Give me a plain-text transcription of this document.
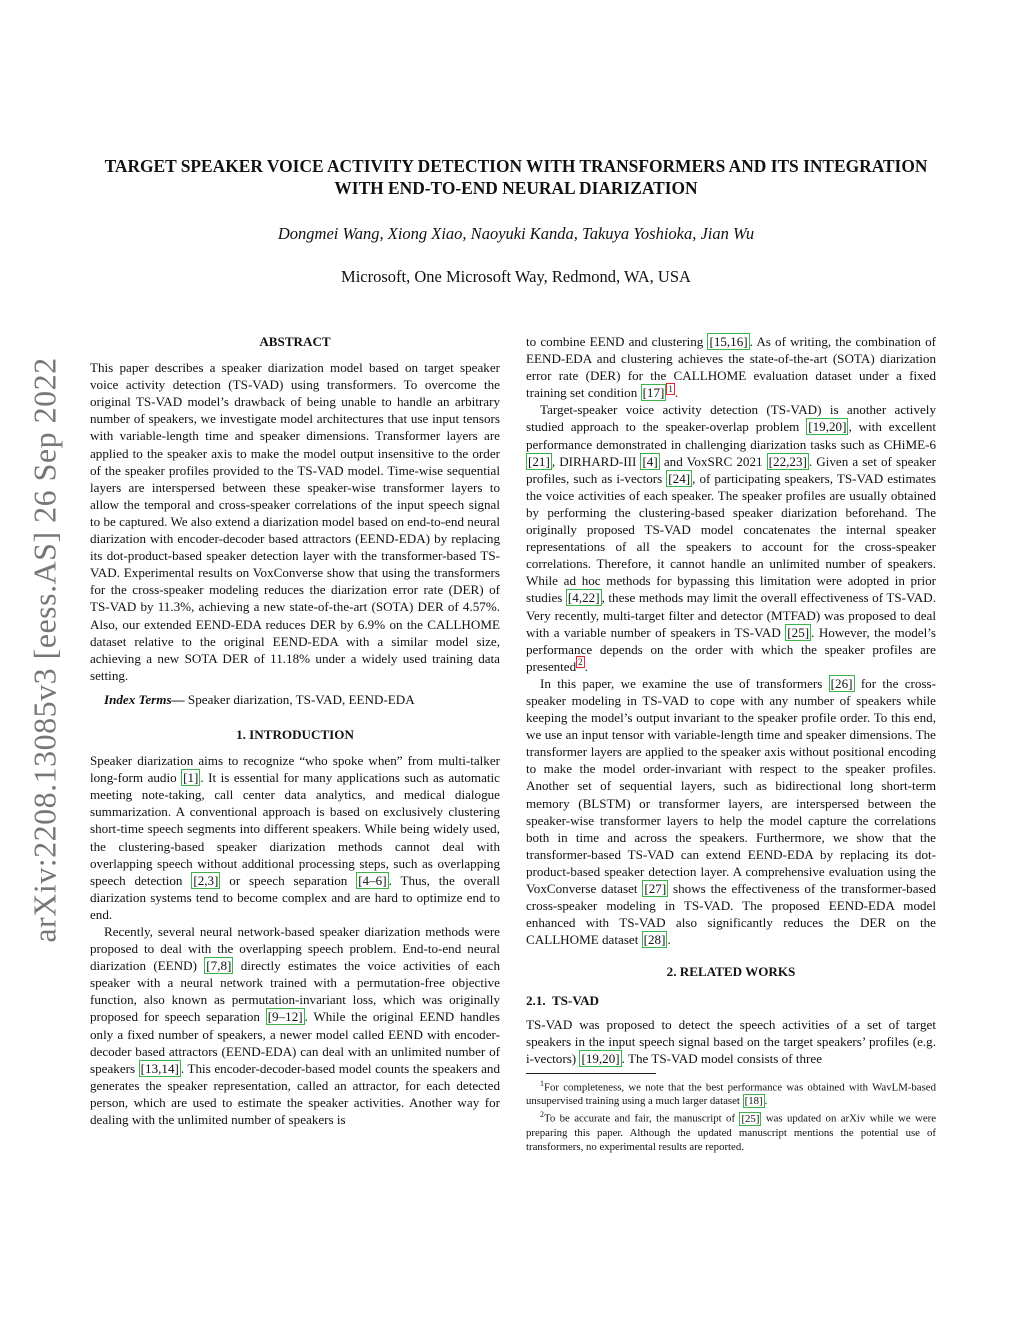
arXiv:2208.13085v3 [eess.AS] 26 Sep 2022
TARGET SPEAKER VOICE ACTIVITY DETECTION WITH TRANSFORMERS AND ITS INTEGRATION WITH END-TO-END NEURAL DIARIZATION
Dongmei Wang, Xiong Xiao, Naoyuki Kanda, Takuya Yoshioka, Jian Wu
Microsoft, One Microsoft Way, Redmond, WA, USA
ABSTRACT

This paper describes a speaker diarization model based on target speaker voice activity detection (TS-VAD) using transformers. To overcome the original TS-VAD model’s drawback of being unable to handle an arbitrary number of speakers, we investigate model architectures that use input tensors with variable-length time and speaker dimensions. Transformer layers are applied to the speaker axis to make the model output insensitive to the order of the speaker profiles provided to the TS-VAD model. Time-wise sequential layers are interspersed between these speaker-wise transformer layers to allow the temporal and cross-speaker correlations of the input speech signal to be captured. We also extend a diarization model based on end-to-end neural diarization with encoder-decoder based attractors (EEND-EDA) by replacing its dot-product-based speaker detection layer with the transformer-based TS-VAD. Experimental results on VoxConverse show that using the transformers for the cross-speaker modeling reduces the diarization error rate (DER) of TS-VAD by 11.3%, achieving a new state-of-the-art (SOTA) DER of 4.57%. Also, our extended EEND-EDA reduces DER by 6.9% on the CALLHOME dataset relative to the original EEND-EDA with a similar model size, achieving a new SOTA DER of 11.18% under a widely used training data setting.

Index Terms— Speaker diarization, TS-VAD, EEND-EDA

1. INTRODUCTION

Speaker diarization aims to recognize “who spoke when” from multi-talker long-form audio [1] . It is essential for many applications such as automatic meeting note-taking, call center data analytics, and medical dialogue summarization. A conventional approach is based on exclusively clustering short-time speech segments into different speakers. While being widely used, the clustering-based speaker diarization methods cannot deal with overlapping speech without additional processing steps, such as overlapping speech detection [2,3] or speech separation [4–6] . Thus, the overall diarization systems tend to become complex and are hard to optimize end to end.

Recently, several neural network-based speaker diarization methods were proposed to deal with the overlapping speech problem. End-to-end neural diarization (EEND) [7,8] directly estimates the voice activities of each speaker with a neural network trained with a permutation-free objective function, also known as permutation-invariant loss, which was originally proposed for speech separation [9–12] . While the original EEND handles only a fixed number of speakers, a newer model called EEND with encoder-decoder based attractors (EEND-EDA) can deal with an unlimited number of speakers [13,14] . This encoder-decoder-based model counts the speakers and generates the speaker representation, called an attractor, for each detected person, which are used to estimate the speaker activities. Another way for dealing with the unlimited number of speakers is

to combine EEND and clustering [15,16] . As of writing, the combination of EEND-EDA and clustering achieves the state-of-the-art (SOTA) diarization error rate (DER) for the CALLHOME evaluation dataset under a fixed training set condition [17] $^1$ .

Target-speaker voice activity detection (TS-VAD) is another actively studied approach to the speaker-overlap problem [19,20] , with excellent performance demonstrated in challenging diarization tasks such as CHiME-6 [21] , DIRHARD-III [4] and VoxSRC 2021 [22,23] . Given a set of speaker profiles, such as i-vectors [24] , of participating speakers, TS-VAD estimates the voice activities of each speaker. The speaker profiles are usually obtained by performing the clustering-based speaker diarization beforehand. The originally proposed TS-VAD model concatenates the internal speaker representations of all the speakers to account for the cross-speaker correlations. Therefore, it cannot handle an unlimited number of speakers. While ad hoc methods for bypassing this limitation were adopted in prior studies [4,22] , these methods may limit the overall effectiveness of TS-VAD. Very recently, multi-target filter and detector (MTFAD) was proposed to deal with a variable number of speakers in TS-VAD [25] . However, the model’s performance depends on the order with which the speaker profiles are presented $^2$ .

In this paper, we examine the use of transformers [26] for the cross-speaker modeling in TS-VAD to cope with any number of speakers while keeping the model’s output invariant to the speaker profile order. To this end, we use an input tensor with variable-length time and speaker dimensions. The transformer layers are applied to the speaker axis without positional encoding to make the model order-invariant with respect to the speaker profiles. Another set of sequential layers, such as bidirectional long short-term memory (BLSTM) or transformer layers, are interspersed between the speaker-wise transformer layers to help the model capture the correlations both in time and across the speakers. Furthermore, we show that the transformer-based TS-VAD can extend EEND-EDA by replacing its dot-product-based speaker detection layer. A comprehensive evaluation using the VoxConverse dataset [27] shows the effectiveness of the transformer-based cross-speaker modeling in TS-VAD. The proposed EEND-EDA model enhanced with TS-VAD also significantly reduces the DER on the CALLHOME dataset [28] .

2. RELATED WORKS
2.1.  TS-VAD

TS-VAD was proposed to detect the speech activities of a set of target speakers in the input speech signal based on the target speakers’ profiles (e.g. i-vectors) [19,20] . The TS-VAD model consists of three

$^1$For completeness, we note that the best performance was obtained with WavLM-based unsupervised training using a much larger dataset [18] .

$^2$To be accurate and fair, the manuscript of [25] was updated on arXiv while we were preparing this paper. Although the updated manuscript mentions the potential use of transformers, no experimental results are reported.
